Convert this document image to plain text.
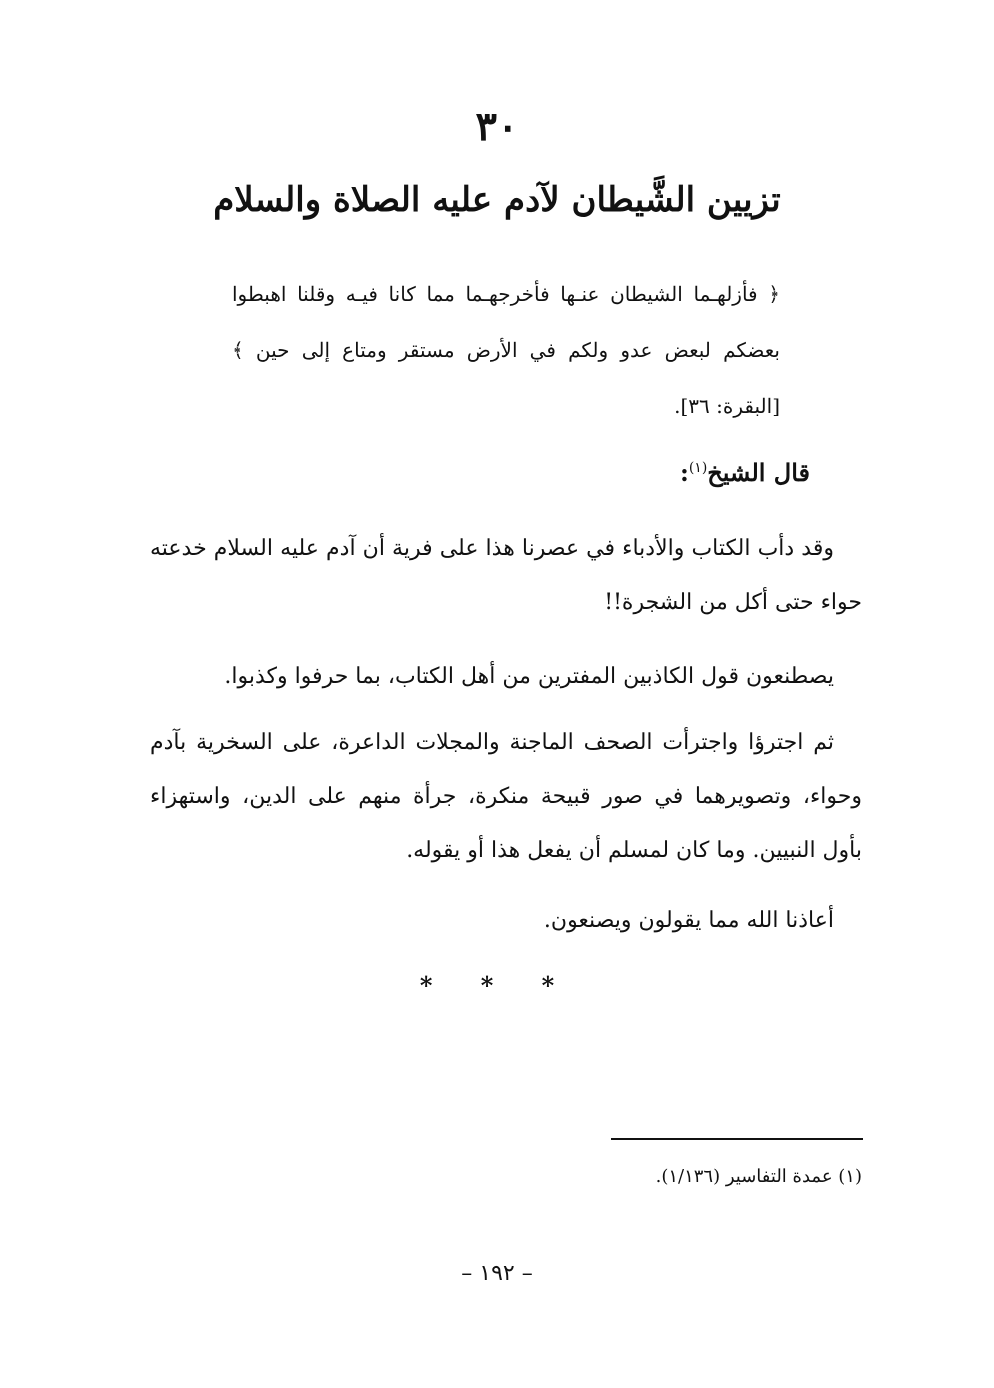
٣٠
تزيين الشَّيطان لآدم عليه الصلاة والسلام
﴿ فأزلهـما الشيطان عنـها فأخرجهـما مما كانا فيـه وقلنا اهبطوا بعضكم لبعض عدو ولكم في الأرض مستقر ومتاع إلى حين ﴾ [البقرة: ٣٦].
قال الشيخ$^{(١)}$:

وقد دأب الكتاب والأدباء في عصرنا هذا على فرية أن آدم عليه السلام خدعته حواء حتى أكل من الشجرة!!

يصطنعون قول الكاذبين المفترين من أهل الكتاب، بما حرفوا وكذبوا.

ثم اجترؤا واجترأت الصحف الماجنة والمجلات الداعرة، على السخرية بآدم وحواء، وتصويرهما في صور قبيحة منكرة، جرأة منهم على الدين، واستهزاء بأول النبيين. وما كان لمسلم أن يفعل هذا أو يقوله.

أعاذنا الله مما يقولون ويصنعون.

* * *
(١) عمدة التفاسير (١/١٣٦).
– ١٩٢ –
